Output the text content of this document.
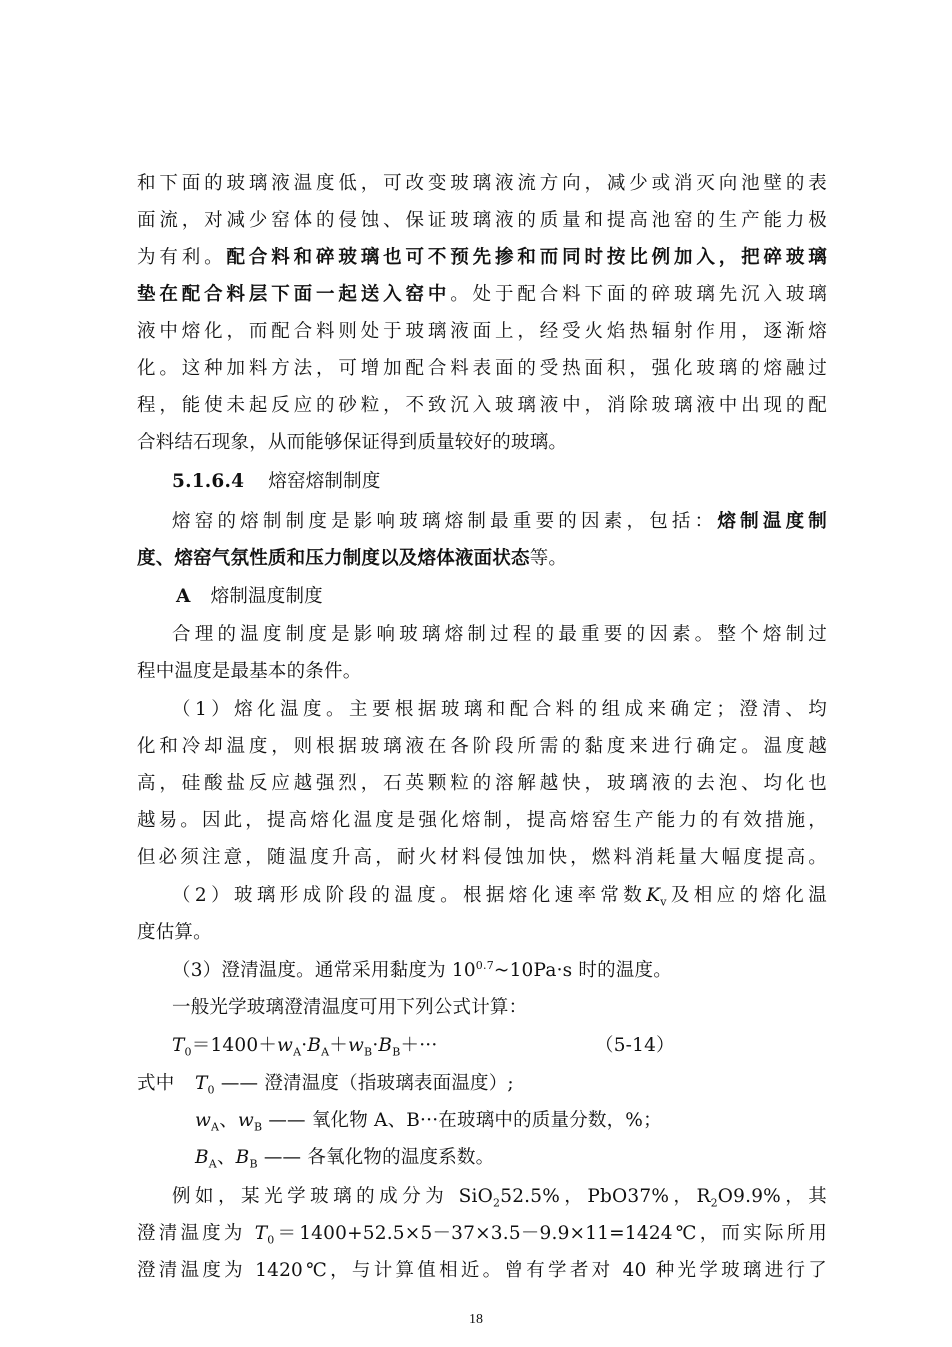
和下面的玻璃液温度低，可改变玻璃液流方向，减少或消灭向池壁的表
面流，对减少窑体的侵蚀、保证玻璃液的质量和提高池窑的生产能力极
为有利。配合料和碎玻璃也可不预先掺和而同时按比例加入，把碎玻璃
垫在配合料层下面一起送入窑中。处于配合料下面的碎玻璃先沉入玻璃
液中熔化，而配合料则处于玻璃液面上，经受火焰热辐射作用，逐渐熔
化。这种加料方法，可增加配合料表面的受热面积，强化玻璃的熔融过
程，能使未起反应的砂粒，不致沉入玻璃液中，消除玻璃液中出现的配
合料结石现象，从而能够保证得到质量较好的玻璃。
5.1.6.4 熔窑熔制制度
熔窑的熔制制度是影响玻璃熔制最重要的因素，包括：熔制温度制
度、熔窑气氛性质和压力制度以及熔体液面状态等。
A 熔制温度制度
合理的温度制度是影响玻璃熔制过程的最重要的因素。整个熔制过
程中温度是最基本的条件。
（1）熔化温度。主要根据玻璃和配合料的组成来确定；澄清、均
化和冷却温度，则根据玻璃液在各阶段所需的黏度来进行确定。温度越
高，硅酸盐反应越强烈，石英颗粒的溶解越快，玻璃液的去泡、均化也
越易。因此，提高熔化温度是强化熔制，提高熔窑生产能力的有效措施，
但必须注意，随温度升高，耐火材料侵蚀加快，燃料消耗量大幅度提高。
（2）玻璃形成阶段的温度。根据熔化速率常数$K_v$及相应的熔化温
度估算。
（3）澄清温度。通常采用黏度为 $10^{0.7}\sim 10Pa\cdot s$ 时的温度。
一般光学玻璃澄清温度可用下列公式计算：
$T_0=1400+w_A\cdot B_A+w_B\cdot B_B+\cdot\cdot\cdot$	（5-14）
式中 $T_0$ —— 澄清温度（指玻璃表面温度）;
$w_A$、$w_B$ —— 氧化物 A、B···在玻璃中的质量分数，%；
$B_A$、$B_B$ —— 各氧化物的温度系数。
例如，某光学玻璃的成分为 SiO$_2$52.5%，PbO37%，$R_2O9.9\%$，其
澄清温度为 $T_0=1400+52.5\times 5-37\times 3.5-9.9\times 11=1424℃$，而实际所用
澄清温度为 1420℃，与计算值相近。曾有学者对 40 种光学玻璃进行了
18
